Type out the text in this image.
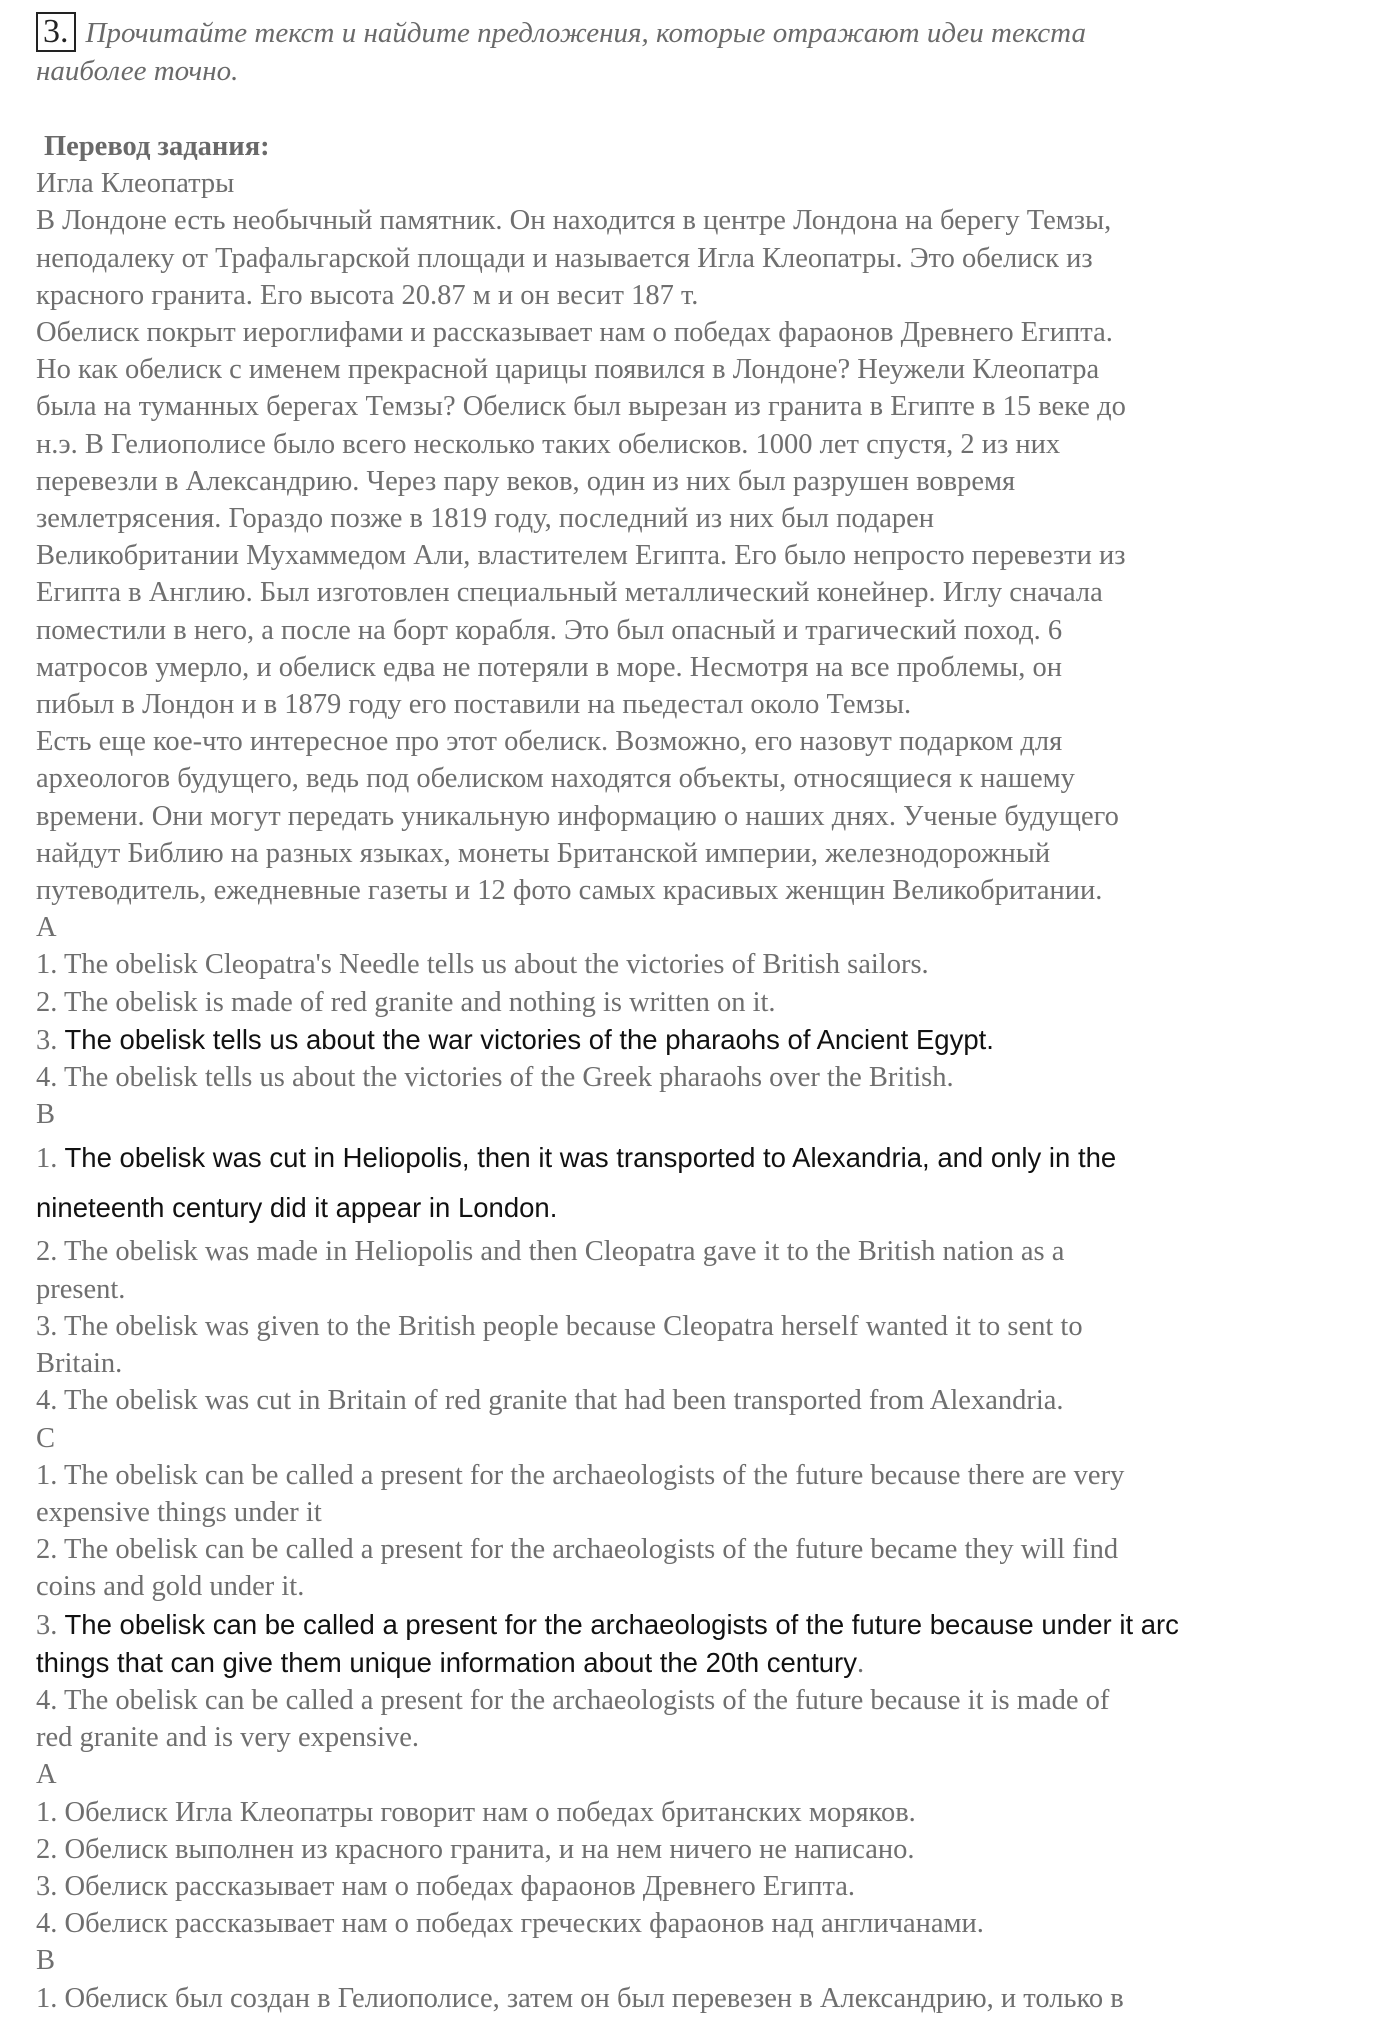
3. Прочитайте текст и найдите предложения, которые отражают идеи текста
наиболее точно.
Перевод задания:
Игла Клеопатры
В Лондоне есть необычный памятник. Он находится в центре Лондона на берегу Темзы,
неподалеку от Трафальгарской площади и называется Игла Клеопатры. Это обелиск из
красного гранита. Его высота 20.87 м и он весит 187 т.
Обелиск покрыт иероглифами и рассказывает нам о победах фараонов Древнего Египта.
Но как обелиск с именем прекрасной царицы появился в Лондоне? Неужели Клеопатра
была на туманных берегах Темзы? Обелиск был вырезан из гранита в Египте в 15 веке до
н.э. В Гелиополисе было всего несколько таких обелисков. 1000 лет спустя, 2 из них
перевезли в Александрию. Через пару веков, один из них был разрушен вовремя
землетрясения. Гораздо позже в 1819 году, последний из них был подарен
Великобритании Мухаммедом Али, властителем Египта. Его было непросто перевезти из
Египта в Англию. Был изготовлен специальный металлический конейнер. Иглу сначала
поместили в него, а после на борт корабля. Это был опасный и трагический поход. 6
матросов умерло, и обелиск едва не потеряли в море. Несмотря на все проблемы, он
пибыл в Лондон и в 1879 году его поставили на пьедестал около Темзы.
Есть еще кое-что интересное про этот обелиск. Возможно, его назовут подарком для
археологов будущего, ведь под обелиском находятся объекты, относящиеся к нашему
времени. Они могут передать уникальную информацию о наших днях. Ученые будущего
найдут Библию на разных языках, монеты Британской империи, железнодорожный
путеводитель, ежедневные газеты и 12 фото самых красивых женщин Великобритании.
A
1. The obelisk Cleopatra's Needle tells us about the victories of British sailors.
2. The obelisk is made of red granite and nothing is written on it.
3. The obelisk tells us about the war victories of the pharaohs of Ancient Egypt.
4. The obelisk tells us about the victories of the Greek pharaohs over the British.
B
1. The obelisk was cut in Heliopolis, then it was transported to Alexandria, and only in the
nineteenth century did it appear in London.
2. The obelisk was made in Heliopolis and then Cleopatra gave it to the British nation as a
present.
3. The obelisk was given to the British people because Cleopatra herself wanted it to sent to
Britain.
4. The obelisk was cut in Britain of red granite that had been transported from Alexandria.
C
1. The obelisk can be called a present for the archaeologists of the future because there are very
expensive things under it
2. The obelisk can be called a present for the archaeologists of the future became they will find
coins and gold under it.
3. The obelisk can be called a present for the archaeologists of the future because under it arc
things that can give them unique information about the 20th century.
4. The obelisk can be called a present for the archaeologists of the future because it is made of
red granite and is very expensive.
A
1. Обелиск Игла Клеопатры говорит нам о победах британских моряков.
2. Обелиск выполнен из красного гранита, и на нем ничего не написано.
3. Обелиск рассказывает нам о победах фараонов Древнего Египта.
4. Обелиск рассказывает нам о победах греческих фараонов над англичанами.
B
1. Обелиск был создан в Гелиополисе, затем он был перевезен в Александрию, и только в
